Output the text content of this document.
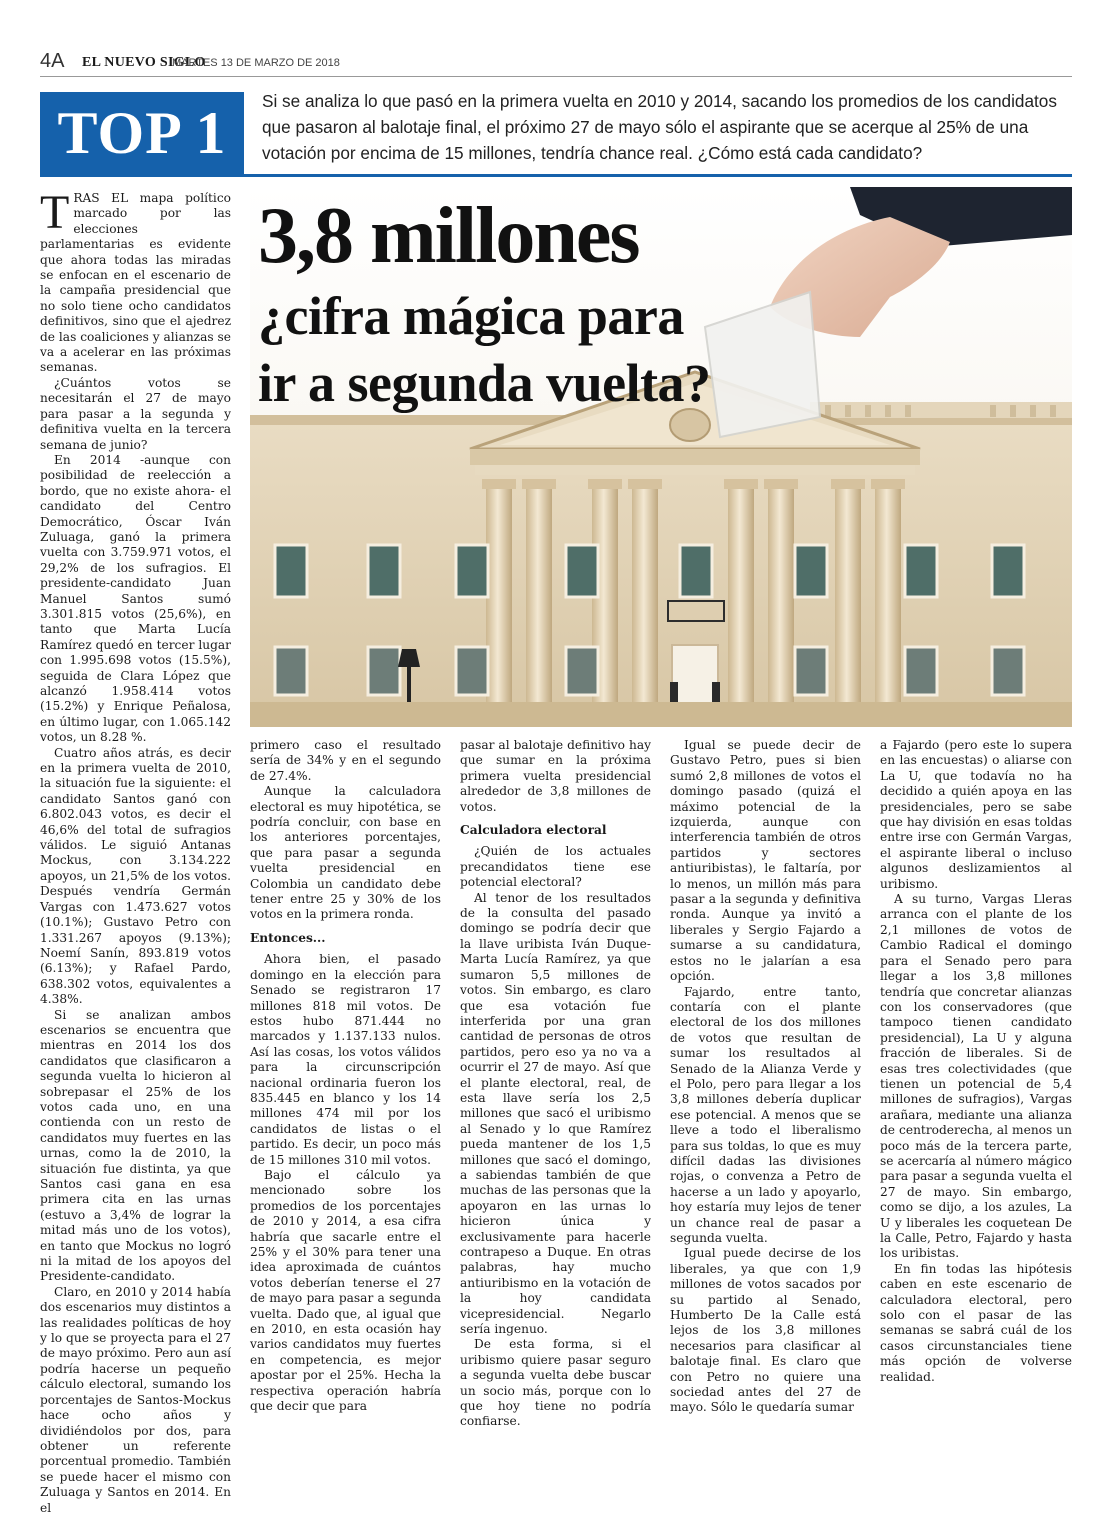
4A EL NUEVO SIGLO
MARTES 13 DE MARZO DE 2018
TOP 1	Si se analiza lo que pasó en la primera vuelta en 2010 y 2014, sacando los promedios de los candidatos que pasaron al balotaje final, el próximo 27 de mayo sólo el aspirante que se acerque al 25% de una votación por encima de 15 millones, tendría chance real. ¿Cómo está cada candidato?
3,8 millones
¿cifra mágica para ir a segunda vuelta?

TRAS EL mapa político marcado por las elecciones parlamentarias es evidente que ahora todas las miradas se enfocan en el escenario de la campaña presidencial que no solo tiene ocho candidatos definitivos, sino que el ajedrez de las coaliciones y alianzas se va a acelerar en las próximas semanas.

¿Cuántos votos se necesitarán el 27 de mayo para pasar a la segunda y definitiva vuelta en la tercera semana de junio?

En 2014 -aunque con posibilidad de reelección a bordo, que no existe ahora- el candidato del Centro Democrático, Óscar Iván Zuluaga, ganó la primera vuelta con 3.759.971 votos, el 29,2% de los sufragios. El presidente-candidato Juan Manuel Santos sumó 3.301.815 votos (25,6%), en tanto que Marta Lucía Ramírez quedó en tercer lugar con 1.995.698 votos (15.5%), seguida de Clara López que alcanzó 1.958.414 votos (15.2%) y Enrique Peñalosa, en último lugar, con 1.065.142 votos, un 8.28 %.

Cuatro años atrás, es decir en la primera vuelta de 2010, la situación fue la siguiente: el candidato Santos ganó con 6.802.043 votos, es decir el 46,6% del total de sufragios válidos. Le siguió Antanas Mockus, con 3.134.222 apoyos, un 21,5% de los votos. Después vendría Germán Vargas con 1.473.627 votos (10.1%); Gustavo Petro con 1.331.267 apoyos (9.13%); Noemí Sanín, 893.819 votos (6.13%); y Rafael Pardo, 638.302 votos, equivalentes a 4.38%.

Si se analizan ambos escenarios se encuentra que mientras en 2014 los dos candidatos que clasificaron a segunda vuelta lo hicieron al sobrepasar el 25% de los votos cada uno, en una contienda con un resto de candidatos muy fuertes en las urnas, como la de 2010, la situación fue distinta, ya que Santos casi gana en esa primera cita en las urnas (estuvo a 3,4% de lograr la mitad más uno de los votos), en tanto que Mockus no logró ni la mitad de los apoyos del Presidente-candidato.

Claro, en 2010 y 2014 había dos escenarios muy distintos a las realidades políticas de hoy y lo que se proyecta para el 27 de mayo próximo. Pero aun así podría hacerse un pequeño cálculo electoral, sumando los porcentajes de Santos-Mockus hace ocho años y dividiéndolos por dos, para obtener un referente porcentual promedio. También se puede hacer el mismo con Zuluaga y Santos en 2014. En el

primero caso el resultado sería de 34% y en el segundo de 27.4%.

Aunque la calculadora electoral es muy hipotética, se podría concluir, con base en los anteriores porcentajes, que para pasar a segunda vuelta presidencial en Colombia un candidato debe tener entre 25 y 30% de los votos en la primera ronda.

Entonces...

Ahora bien, el pasado domingo en la elección para Senado se registraron 17 millones 818 mil votos. De estos hubo 871.444 no marcados y 1.137.133 nulos. Así las cosas, los votos válidos para la circunscripción nacional ordinaria fueron los 835.445 en blanco y los 14 millones 474 mil por los candidatos de listas o el partido. Es decir, un poco más de 15 millones 310 mil votos.

Bajo el cálculo ya mencionado sobre los promedios de los porcentajes de 2010 y 2014, a esa cifra habría que sacarle entre el 25% y el 30% para tener una idea aproximada de cuántos votos deberían tenerse el 27 de mayo para pasar a segunda vuelta. Dado que, al igual que en 2010, en esta ocasión hay varios candidatos muy fuertes en competencia, es mejor apostar por el 25%. Hecha la respectiva operación habría que decir que para

pasar al balotaje definitivo hay que sumar en la próxima primera vuelta presidencial alrededor de 3,8 millones de votos.

Calculadora electoral

¿Quién de los actuales precandidatos tiene ese potencial electoral?

Al tenor de los resultados de la consulta del pasado domingo se podría decir que la llave uribista Iván Duque-Marta Lucía Ramírez, ya que sumaron 5,5 millones de votos. Sin embargo, es claro que esa votación fue interferida por una gran cantidad de personas de otros partidos, pero eso ya no va a ocurrir el 27 de mayo. Así que el plante electoral, real, de esta llave sería los 2,5 millones que sacó el uribismo al Senado y lo que Ramírez pueda mantener de los 1,5 millones que sacó el domingo, a sabiendas también de que muchas de las personas que la apoyaron en las urnas lo hicieron única y exclusivamente para hacerle contrapeso a Duque. En otras palabras, hay mucho antiuribismo en la votación de la hoy candidata vicepresidencial. Negarlo sería ingenuo.

De esta forma, si el uribismo quiere pasar seguro a segunda vuelta debe buscar un socio más, porque con lo que hoy tiene no podría confiarse.

Igual se puede decir de Gustavo Petro, pues si bien sumó 2,8 millones de votos el domingo pasado (quizá el máximo potencial de la izquierda, aunque con interferencia también de otros partidos y sectores antiuribistas), le faltaría, por lo menos, un millón más para pasar a la segunda y definitiva ronda. Aunque ya invitó a liberales y Sergio Fajardo a sumarse a su candidatura, estos no le jalarían a esa opción.

Fajardo, entre tanto, contaría con el plante electoral de los dos millones de votos que resultan de sumar los resultados al Senado de la Alianza Verde y el Polo, pero para llegar a los 3,8 millones debería duplicar ese potencial. A menos que se lleve a todo el liberalismo para sus toldas, lo que es muy difícil dadas las divisiones rojas, o convenza a Petro de hacerse a un lado y apoyarlo, hoy estaría muy lejos de tener un chance real de pasar a segunda vuelta.

Igual puede decirse de los liberales, ya que con 1,9 millones de votos sacados por su partido al Senado, Humberto De la Calle está lejos de los 3,8 millones necesarios para clasificar al balotaje final. Es claro que con Petro no quiere una sociedad antes del 27 de mayo. Sólo le quedaría sumar

a Fajardo (pero este lo supera en las encuestas) o aliarse con La U, que todavía no ha decidido a quién apoya en las presidenciales, pero se sabe que hay división en esas toldas entre irse con Germán Vargas, el aspirante liberal o incluso algunos deslizamientos al uribismo.

A su turno, Vargas Lleras arranca con el plante de los 2,1 millones de votos de Cambio Radical el domingo para el Senado pero para llegar a los 3,8 millones tendría que concretar alianzas con los conservadores (que tampoco tienen candidato presidencial), La U y alguna fracción de liberales. Si de esas tres colectividades (que tienen un potencial de 5,4 millones de sufragios), Vargas arañara, mediante una alianza de centroderecha, al menos un poco más de la tercera parte, se acercaría al número mágico para pasar a segunda vuelta el 27 de mayo. Sin embargo, como se dijo, a los azules, La U y liberales les coquetean De la Calle, Petro, Fajardo y hasta los uribistas.

En fin todas las hipótesis caben en este escenario de calculadora electoral, pero solo con el pasar de las semanas se sabrá cuál de los casos circunstanciales tiene más opción de volverse realidad.
